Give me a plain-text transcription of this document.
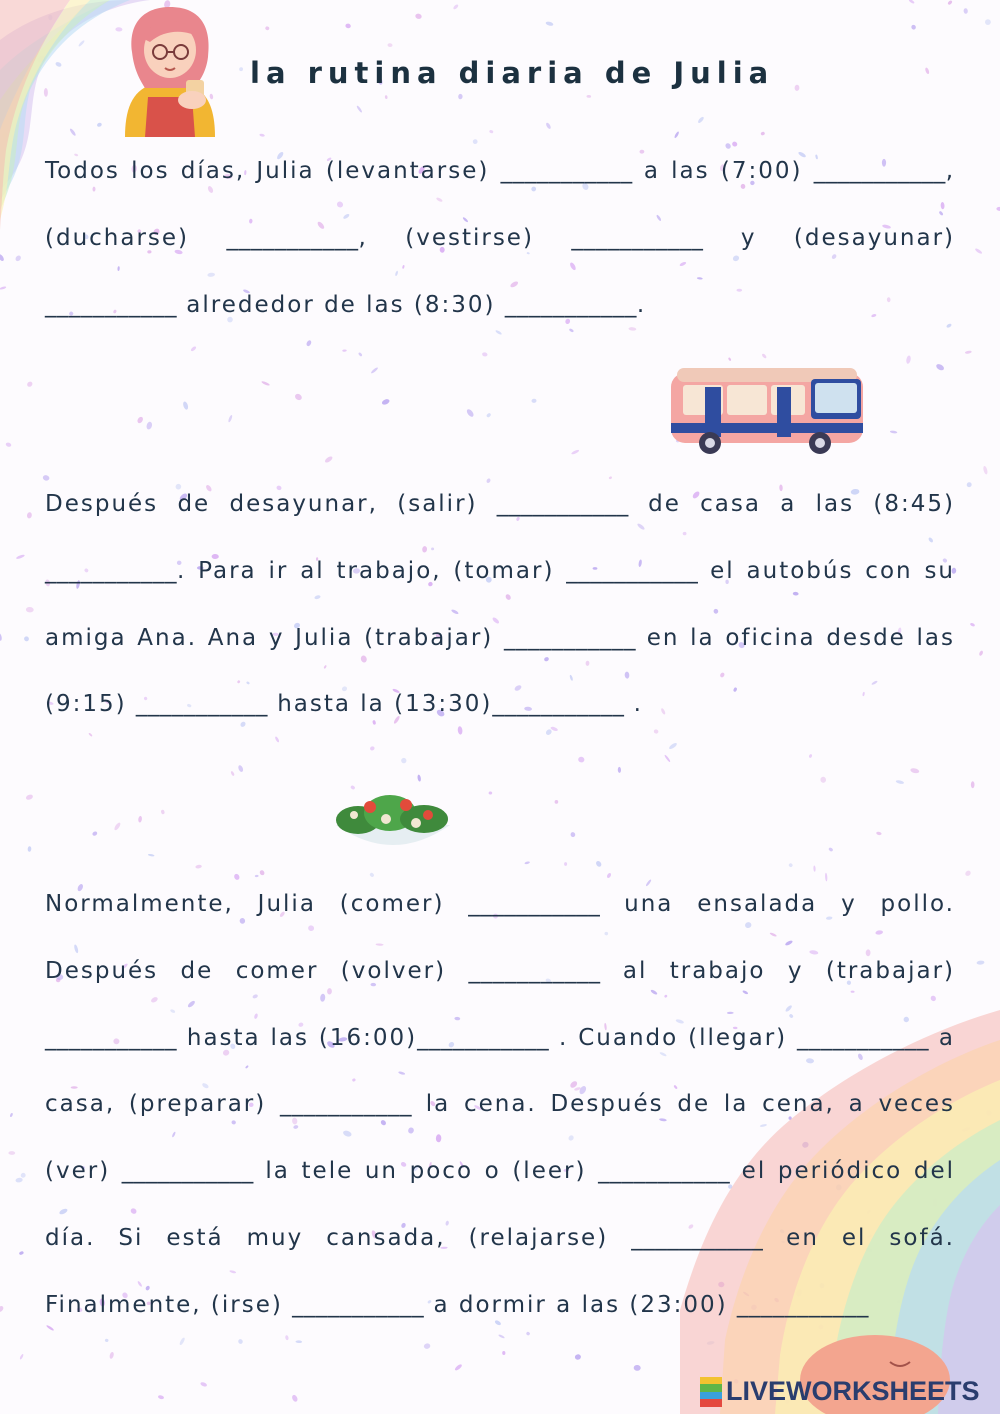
la rutina diaria de Julia

Todos los días, Julia (levantarse) ___________ a las (7:00) ___________, (ducharse) ___________, (vestirse) ___________ y (desayunar) ___________ alrededor de las (8:30) ___________.

Después de desayunar, (salir) ___________ de casa a las (8:45) ___________. Para ir al trabajo, (tomar) ___________ el autobús con su amiga Ana. Ana y Julia (trabajar) ___________ en la oficina desde las (9:15) ___________ hasta la (13:30)___________ .

Normalmente, Julia (comer) ___________ una ensalada y pollo. Después de comer (volver) ___________ al trabajo y (trabajar) ___________ hasta las (16:00)___________ . Cuando (llegar) ___________ a casa, (preparar) ___________ la cena. Después de la cena, a veces (ver) ___________ la tele un poco o (leer) ___________ el periódico del día. Si está muy cansada, (relajarse) ___________ en el sofá. Finalmente, (irse) ___________ a dormir a las (23:00) ___________

LIVEWORKSHEETS
